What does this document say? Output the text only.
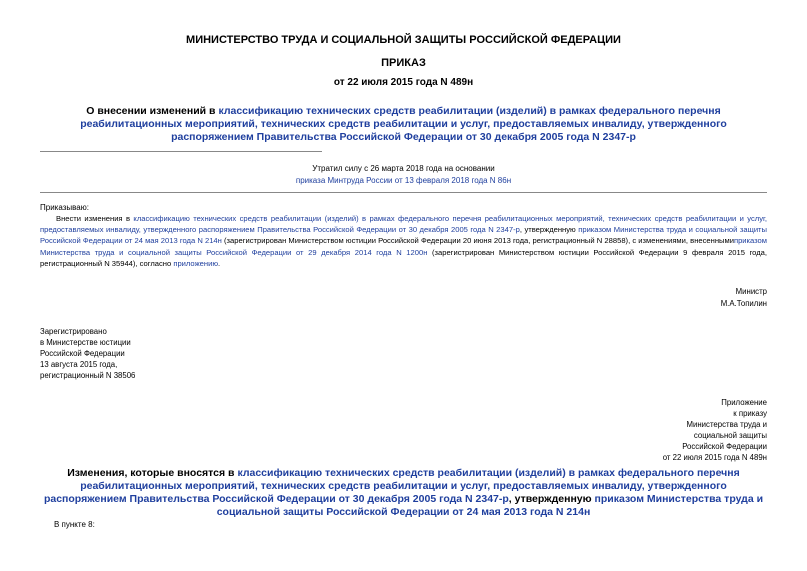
МИНИСТЕРСТВО ТРУДА И СОЦИАЛЬНОЙ ЗАЩИТЫ РОССИЙСКОЙ ФЕДЕРАЦИИ
ПРИКАЗ
от 22 июля 2015 года N 489н
О внесении изменений в классификацию технических средств реабилитации (изделий) в рамках федерального перечня реабилитационных мероприятий, технических средств реабилитации и услуг, предоставляемых инвалиду, утвержденного распоряжением Правительства Российской Федерации от 30 декабря 2005 года N 2347-р
Утратил силу с 26 марта 2018 года на основании
приказа Минтруда России от 13 февраля 2018 года N 86н
Приказываю:
Внести изменения в классификацию технических средств реабилитации (изделий) в рамках федерального перечня реабилитационных мероприятий, технических средств реабилитации и услуг, предоставляемых инвалиду, утвержденного распоряжением Правительства Российской Федерации от 30 декабря 2005 года N 2347-р, утвержденную приказом Министерства труда и социальной защиты Российской Федерации от 24 мая 2013 года N 214н (зарегистрирован Министерством юстиции Российской Федерации 20 июня 2013 года, регистрационный N 28858), с изменениями, внесеннымиприказом Министерства труда и социальной защиты Российской Федерации от 29 декабря 2014 года N 1200н (зарегистрирован Министерством юстиции Российской Федерации 9 февраля 2015 года, регистрационный N 35944), согласно приложению.
Министр
М.А.Топилин
Зарегистрировано
в Министерстве юстиции
Российской Федерации
13 августа 2015 года,
регистрационный N 38506
Приложение
к приказу
Министерства труда и
социальной защиты
Российской Федерации
от 22 июля 2015 года N 489н
Изменения, которые вносятся в классификацию технических средств реабилитации (изделий) в рамках федерального перечня реабилитационных мероприятий, технических средств реабилитации и услуг, предоставляемых инвалиду, утвержденного распоряжением Правительства Российской Федерации от 30 декабря 2005 года N 2347-р, утвержденную приказом Министерства труда и социальной защиты Российской Федерации от 24 мая 2013 года N 214н
В пункте 8:
